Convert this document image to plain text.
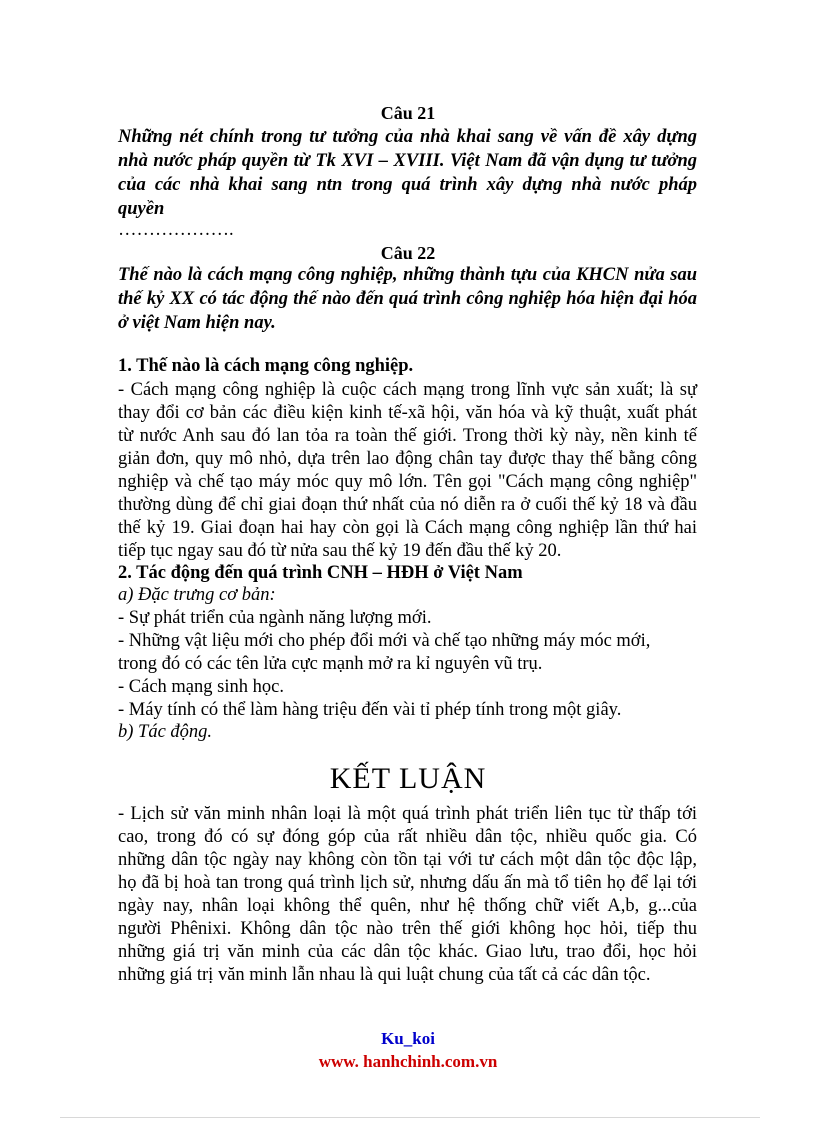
Câu 21
Những nét chính trong tư tưởng của nhà khai sang về vấn đề xây dựng
nhà nước pháp quyền từ Tk XVI – XVIII. Việt Nam đã vận dụng tư tưởng
của các nhà khai sang ntn trong quá trình xây dựng nhà nước pháp
quyền
……………….
Câu 22
Thế nào là cách mạng công nghiệp, những thành tựu của KHCN nửa sau
thế kỷ XX có tác động thế nào đến quá trình công nghiệp hóa hiện đại hóa
ở việt Nam hiện nay.
1. Thế nào là cách mạng công nghiệp.
- Cách mạng công nghiệp là cuộc cách mạng trong lĩnh vực sản xuất; là sự
thay đổi cơ bản các điều kiện kinh tế-xã hội, văn hóa và kỹ thuật, xuất phát
từ nước Anh sau đó lan tỏa ra toàn thế giới. Trong thời kỳ này, nền kinh tế
giản đơn, quy mô nhỏ, dựa trên lao động chân tay được thay thế bằng công
nghiệp và chế tạo máy móc quy mô lớn. Tên gọi "Cách mạng công nghiệp"
thường dùng để chỉ giai đoạn thứ nhất của nó diễn ra ở cuối thế kỷ 18 và đầu
thế kỷ 19. Giai đoạn hai hay còn gọi là Cách mạng công nghiệp lần thứ hai
tiếp tục ngay sau đó từ nửa sau thế kỷ 19 đến đầu thế kỷ 20.
2. Tác động đến quá trình CNH – HĐH ở Việt Nam
a) Đặc trưng cơ bản:
- Sự phát triển của ngành năng lượng mới.
- Những vật liệu mới cho phép đổi mới và chế tạo những máy móc mới,
trong đó có các tên lửa cực mạnh mở ra kỉ nguyên vũ trụ.
- Cách mạng sinh học.
- Máy tính có thể làm hàng triệu đến vài tỉ phép tính trong một giây.
b) Tác động.
KẾT LUẬN
- Lịch sử văn minh nhân loại là một quá trình phát triển liên tục từ thấp tới
cao, trong đó có sự đóng góp của rất nhiều dân tộc, nhiều quốc gia. Có
những dân tộc ngày nay không còn tồn tại với tư cách một dân tộc độc lập,
họ đã bị hoà tan trong quá trình lịch sử, nhưng dấu ấn mà tổ tiên họ để lại tới
ngày nay, nhân loại không thể quên, như hệ thống chữ viết A,b, g...của
người Phênixi. Không dân tộc nào trên thế giới không học hỏi, tiếp thu
những giá trị văn minh của các dân tộc khác. Giao lưu, trao đổi, học hỏi
những giá trị văn minh lẫn nhau là qui luật chung của tất cả các dân tộc.
Ku_koi
www. hanhchinh.com.vn
